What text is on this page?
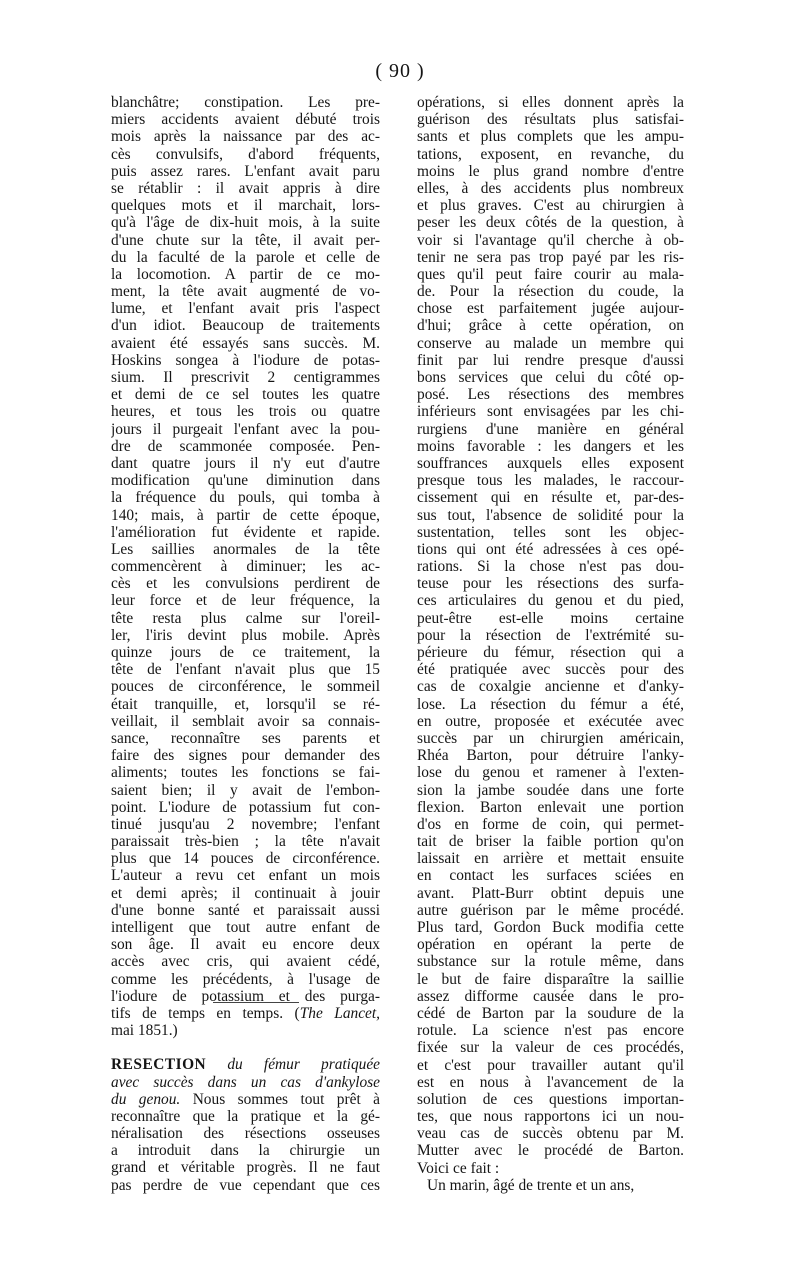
( 90 )
blanchâtre; constipation. Les pre-
miers accidents avaient débuté trois
mois après la naissance par des ac-
cès convulsifs, d'abord fréquents,
puis assez rares. L'enfant avait paru
se rétablir : il avait appris à dire
quelques mots et il marchait, lors-
qu'à l'âge de dix-huit mois, à la suite
d'une chute sur la tête, il avait per-
du la faculté de la parole et celle de
la locomotion. A partir de ce mo-
ment, la tête avait augmenté de vo-
lume, et l'enfant avait pris l'aspect
d'un idiot. Beaucoup de traitements
avaient été essayés sans succès. M.
Hoskins songea à l'iodure de potas-
sium. Il prescrivit 2 centigrammes
et demi de ce sel toutes les quatre
heures, et tous les trois ou quatre
jours il purgeait l'enfant avec la pou-
dre de scammonée composée. Pen-
dant quatre jours il n'y eut d'autre
modification qu'une diminution dans
la fréquence du pouls, qui tomba à
140; mais, à partir de cette époque,
l'amélioration fut évidente et rapide.
Les saillies anormales de la tête
commencèrent à diminuer; les ac-
cès et les convulsions perdirent de
leur force et de leur fréquence, la
tête resta plus calme sur l'oreil-
ler, l'iris devint plus mobile. Après
quinze jours de ce traitement, la
tête de l'enfant n'avait plus que 15
pouces de circonférence, le sommeil
était tranquille, et, lorsqu'il se ré-
veillait, il semblait avoir sa connais-
sance, reconnaître ses parents et
faire des signes pour demander des
aliments; toutes les fonctions se fai-
saient bien; il y avait de l'embon-
point. L'iodure de potassium fut con-
tinué jusqu'au 2 novembre; l'enfant
paraissait très-bien ; la tête n'avait
plus que 14 pouces de circonférence.
L'auteur a revu cet enfant un mois
et demi après; il continuait à jouir
d'une bonne santé et paraissait aussi
intelligent que tout autre enfant de
son âge. Il avait eu encore deux
accès avec cris, qui avaient cédé,
comme les précédents, à l'usage de
l'iodure de potassium et des purga-
tifs de temps en temps. (The Lancet,
mai 1851.)
RESECTION du fémur pratiquée
avec succès dans un cas d'ankylose
du genou. Nous sommes tout prêt à
reconnaître que la pratique et la gé-
néralisation des résections osseuses
a introduit dans la chirurgie un
grand et véritable progrès. Il ne faut
pas perdre de vue cependant que ces
opérations, si elles donnent après la
guérison des résultats plus satisfai-
sants et plus complets que les ampu-
tations, exposent, en revanche, du
moins le plus grand nombre d'entre
elles, à des accidents plus nombreux
et plus graves. C'est au chirurgien à
peser les deux côtés de la question, à
voir si l'avantage qu'il cherche à ob-
tenir ne sera pas trop payé par les ris-
ques qu'il peut faire courir au mala-
de. Pour la résection du coude, la
chose est parfaitement jugée aujour-
d'hui; grâce à cette opération, on
conserve au malade un membre qui
finit par lui rendre presque d'aussi
bons services que celui du côté op-
posé. Les résections des membres
inférieurs sont envisagées par les chi-
rurgiens d'une manière en général
moins favorable : les dangers et les
souffrances auxquels elles exposent
presque tous les malades, le raccour-
cissement qui en résulte et, par-des-
sus tout, l'absence de solidité pour la
sustentation, telles sont les objec-
tions qui ont été adressées à ces opé-
rations. Si la chose n'est pas dou-
teuse pour les résections des surfa-
ces articulaires du genou et du pied,
peut-être est-elle moins certaine
pour la résection de l'extrémité su-
périeure du fémur, résection qui a
été pratiquée avec succès pour des
cas de coxalgie ancienne et d'anky-
lose. La résection du fémur a été,
en outre, proposée et exécutée avec
succès par un chirurgien américain,
Rhéa Barton, pour détruire l'anky-
lose du genou et ramener à l'exten-
sion la jambe soudée dans une forte
flexion. Barton enlevait une portion
d'os en forme de coin, qui permet-
tait de briser la faible portion qu'on
laissait en arrière et mettait ensuite
en contact les surfaces sciées en
avant. Platt-Burr obtint depuis une
autre guérison par le même procédé.
Plus tard, Gordon Buck modifia cette
opération en opérant la perte de
substance sur la rotule même, dans
le but de faire disparaître la saillie
assez difforme causée dans le pro-
cédé de Barton par la soudure de la
rotule. La science n'est pas encore
fixée sur la valeur de ces procédés,
et c'est pour travailler autant qu'il
est en nous à l'avancement de la
solution de ces questions importan-
tes, que nous rapportons ici un nou-
veau cas de succès obtenu par M.
Mutter avec le procédé de Barton.
Voici ce fait :
Un marin, âgé de trente et un ans,
